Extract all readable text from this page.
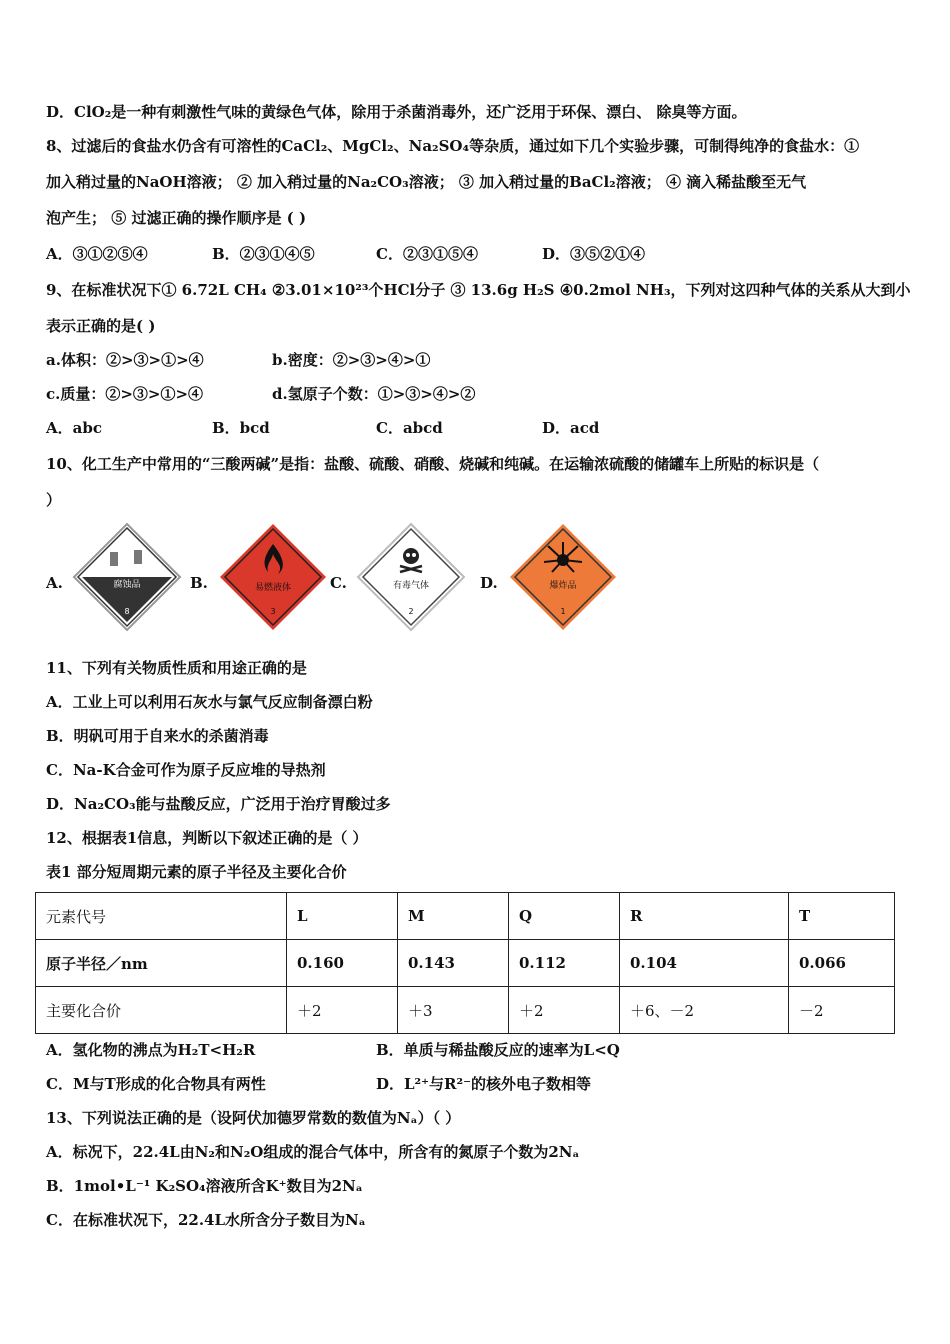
D．ClO₂是一种有刺激性气味的黄绿色气体，除用于杀菌消毒外，还广泛用于环保、漂白、 除臭等方面。
8、过滤后的食盐水仍含有可溶性的CaCl₂、MgCl₂、Na₂SO₄等杂质，通过如下几个实验步骤，可制得纯净的食盐水：①
加入稍过量的NaOH溶液； ② 加入稍过量的Na₂CO₃溶液； ③ 加入稍过量的BaCl₂溶液； ④ 滴入稀盐酸至无气
泡产生； ⑤ 过滤正确的操作顺序是 ( )
A．③①②⑤④	B．②③①④⑤	C．②③①⑤④	D．③⑤②①④
9、在标准状况下① 6.72L CH₄ ②3.01×10²³个HCl分子 ③ 13.6g H₂S ④0.2mol NH₃，下列对这四种气体的关系从大到小
表示正确的是( )
a.体积：②>③>①>④	b.密度：②>③>④>①
c.质量：②>③>①>④	d.氢原子个数：①>③>④>②
A．abc	B．bcd	C．abcd	D．acd
10、化工生产中常用的“三酸两碱”是指：盐酸、硫酸、硝酸、烧碱和纯碱。在运输浓硫酸的储罐车上所贴的标识是（
）
A.	腐蚀品
8
B.	易燃液体
3
C.	有毒气体
2
D.	爆炸品
1
11、下列有关物质性质和用途正确的是
A．工业上可以利用石灰水与氯气反应制备漂白粉
B．明矾可用于自来水的杀菌消毒
C．Na-K合金可作为原子反应堆的导热剂
D．Na₂CO₃能与盐酸反应，广泛用于治疗胃酸过多
12、根据表1信息，判断以下叙述正确的是（ ）
表1 部分短周期元素的原子半径及主要化合价
元素代号	L	M	Q	R	T
原子半径／nm	0.160	0.143	0.112	0.104	0.066
主要化合价	＋2	＋3	＋2	＋6、－2	－2
A．氢化物的沸点为H₂T<H₂R	B．单质与稀盐酸反应的速率为L<Q
C．M与T形成的化合物具有两性	D．L²⁺与R²⁻的核外电子数相等
13、下列说法正确的是（设阿伏加德罗常数的数值为Nₐ）（ ）
A．标况下，22.4L由N₂和N₂O组成的混合气体中，所含有的氮原子个数为2Nₐ
B．1mol•L⁻¹ K₂SO₄溶液所含K⁺数目为2Nₐ
C．在标准状况下，22.4L水所含分子数目为Nₐ
